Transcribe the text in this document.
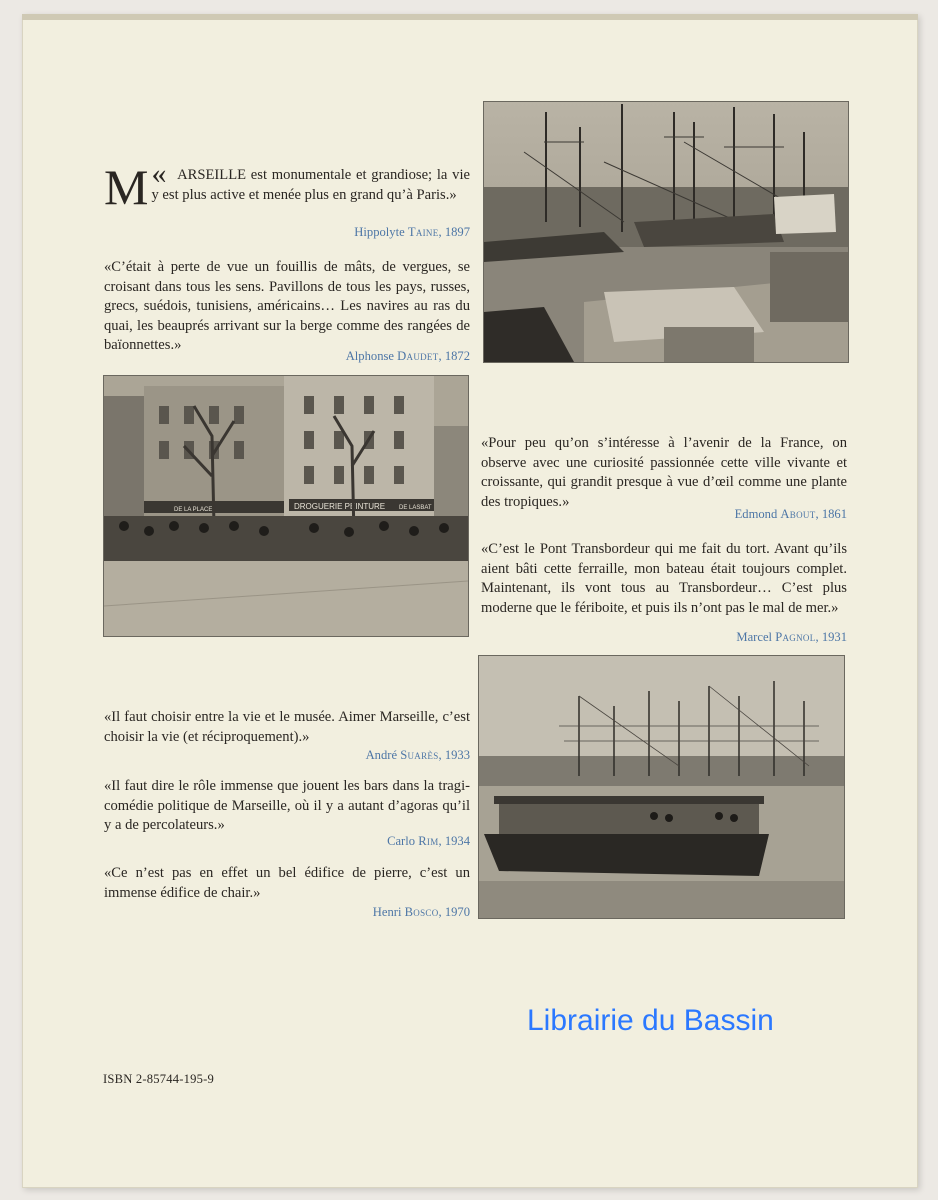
DROGUERIE PEINTURE
DE LA PLACE	DE LASBAT
«
M ARSEILLE est monumentale et grandiose; la vie y est plus active et menée plus en grand qu’à Paris.»
Hippolyte Taine, 1897
«C’était à perte de vue un fouillis de mâts, de vergues, se croisant dans tous les sens. Pavillons de tous les pays, russes, grecs, suédois, tunisiens, américains… Les navires au ras du quai, les beauprés arrivant sur la berge comme des rangées de baïonnettes.»
Alphonse Daudet, 1872
«Pour peu qu’on s’intéresse à l’avenir de la France, on observe avec une curiosité passionnée cette ville vivante et croissante, qui grandit presque à vue d’œil comme une plante des tropiques.»
Edmond About, 1861
«C’est le Pont Transbordeur qui me fait du tort. Avant qu’ils aient bâti cette ferraille, mon bateau était toujours complet. Maintenant, ils vont tous au Transbordeur… C’est plus moderne que le fériboite, et puis ils n’ont pas le mal de mer.»
Marcel Pagnol, 1931
«Il faut choisir entre la vie et le musée. Aimer Marseille, c’est choisir la vie (et réciproquement).»
André Suarès, 1933
«Il faut dire le rôle immense que jouent les bars dans la tragi-comédie politique de Marseille, où il y a autant d’agoras qu’il y a de percolateurs.»
Carlo Rim, 1934
«Ce n’est pas en effet un bel édifice de pierre, c’est un immense édifice de chair.»
Henri Bosco, 1970
Librairie du Bassin
ISBN 2-85744-195-9
